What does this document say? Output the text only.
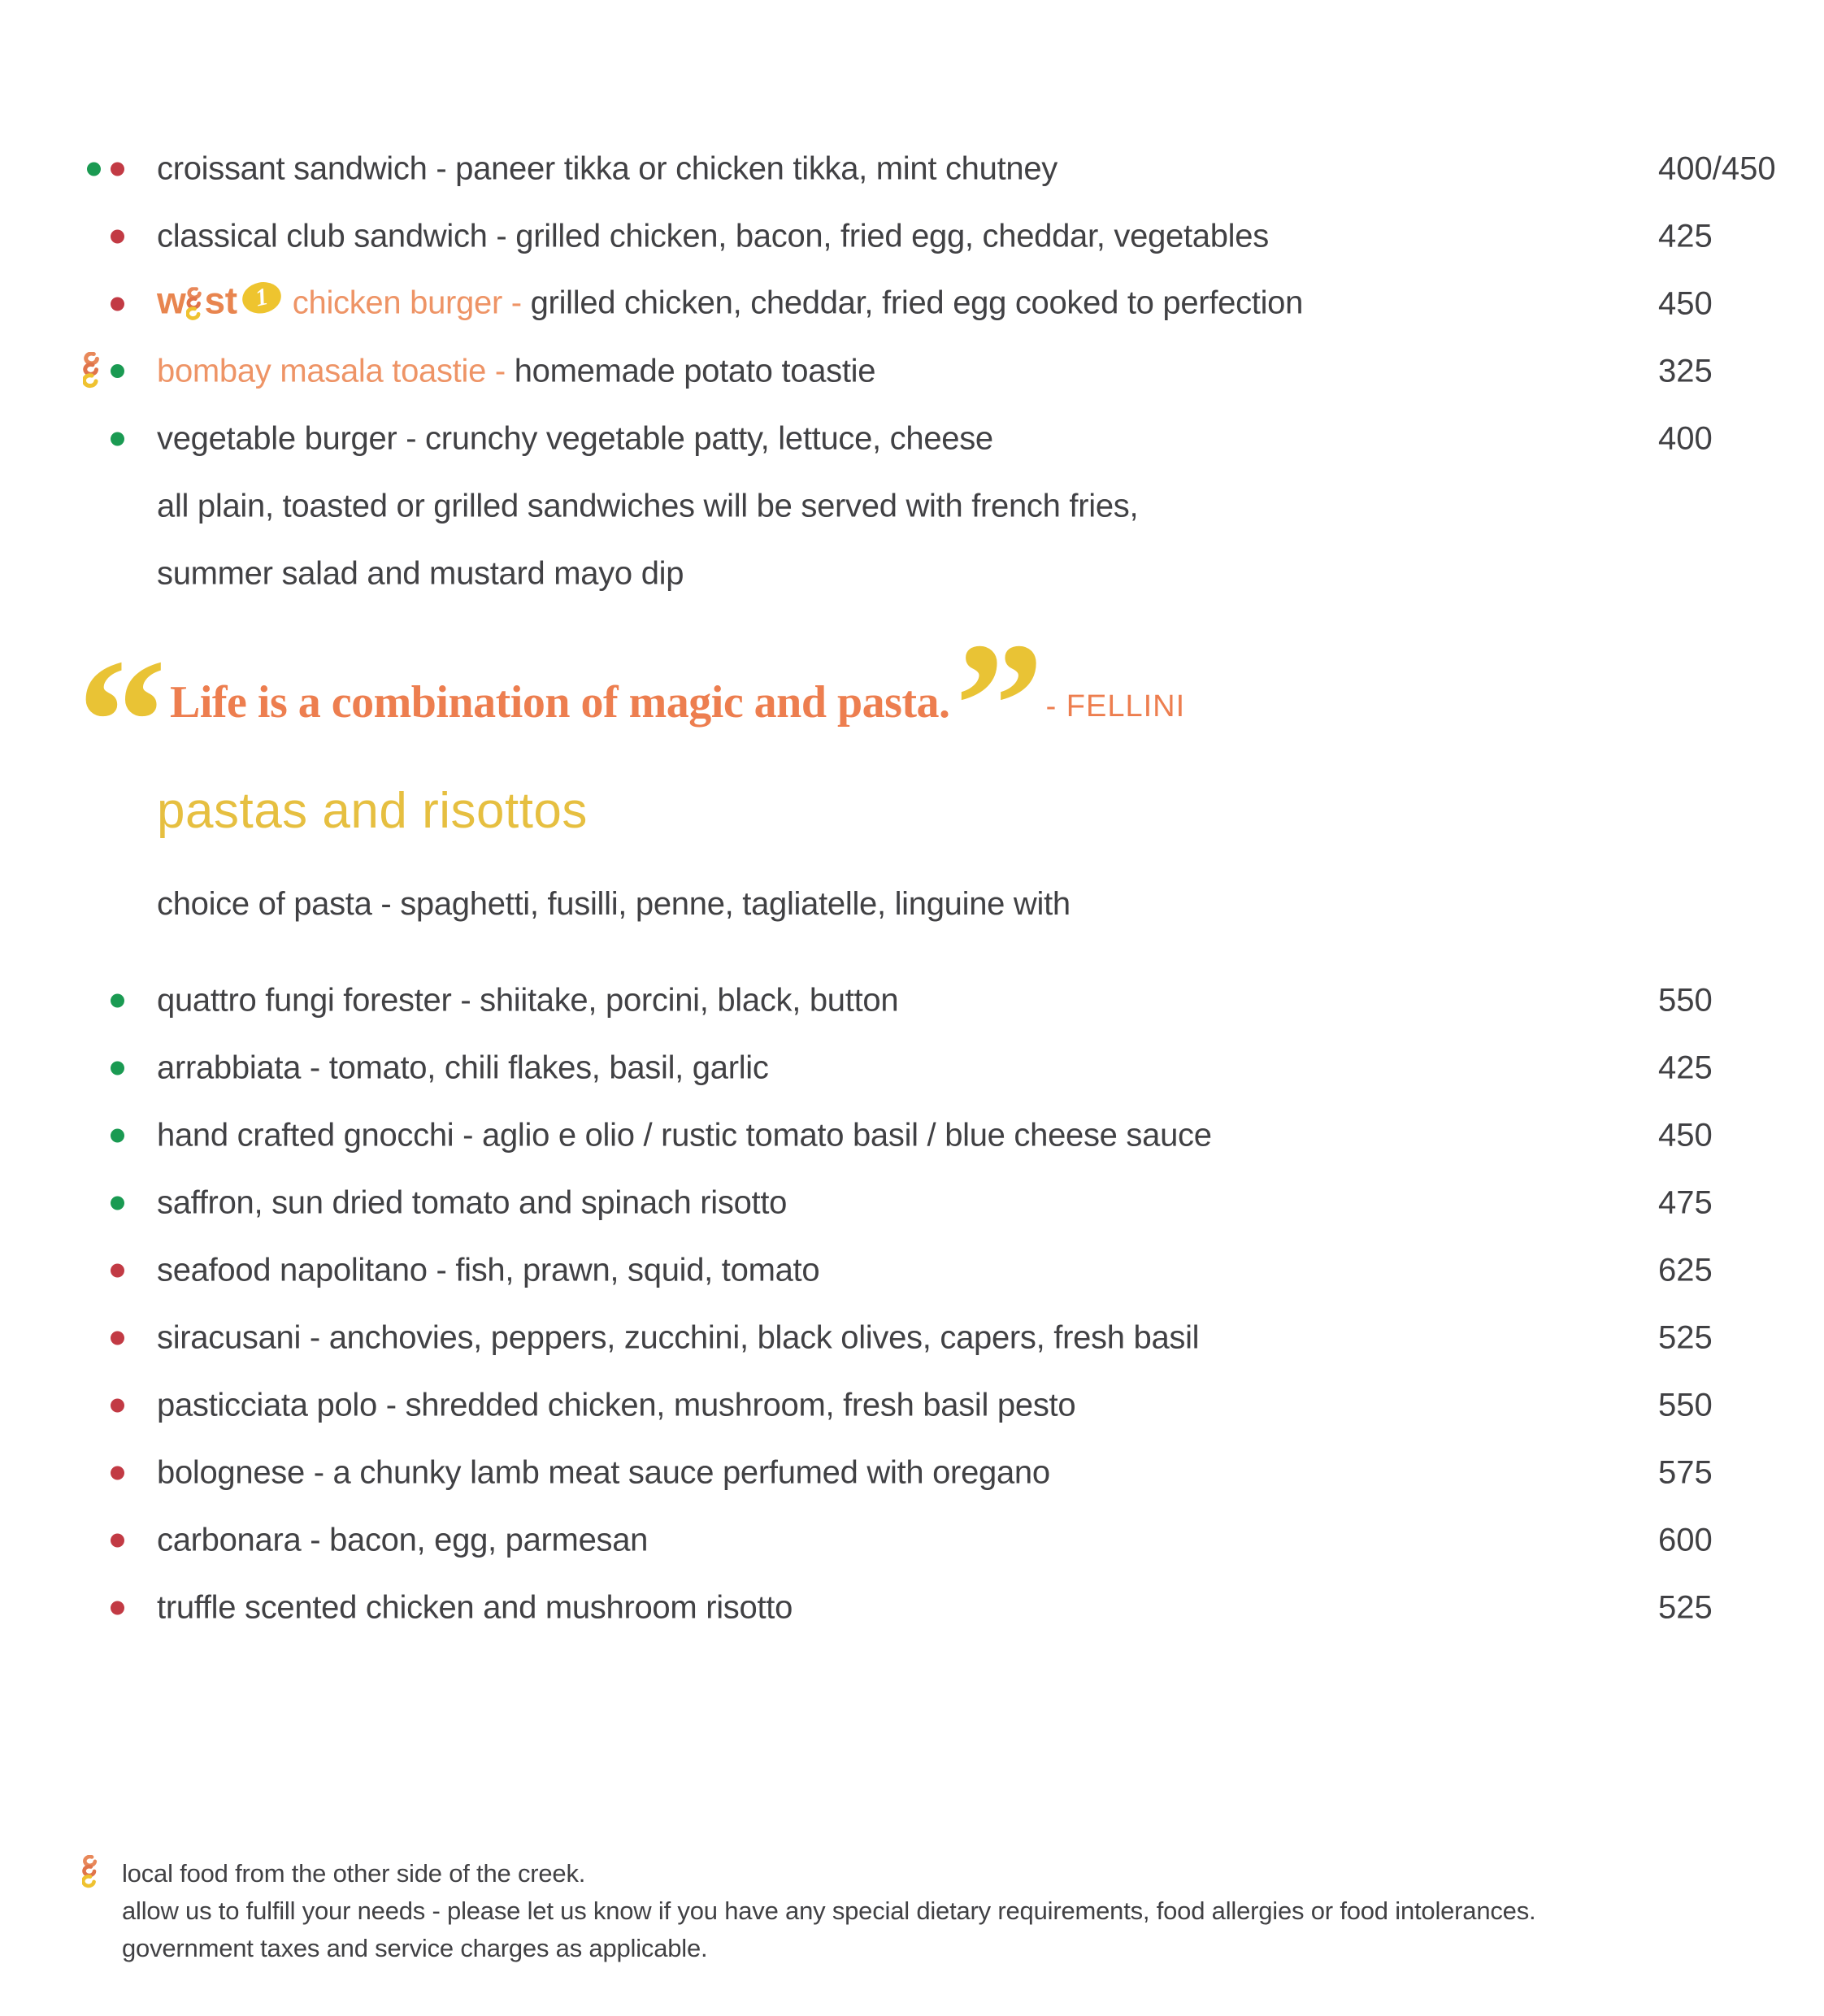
croissant sandwich - paneer tikka or chicken tikka, mint chutney	400/450
classical club sandwich - grilled chicken, bacon, fried egg, cheddar, vegetables	425
w st 1 chicken burger - grilled chicken, cheddar, fried egg cooked to perfection	450
bombay masala toastie - homemade potato toastie	325
vegetable burger - crunchy vegetable patty, lettuce, cheese	400
all plain, toasted or grilled sandwiches will be served with french fries,
summer salad and mustard mayo dip
“ Life is a combination of magic and pasta. ” - FELLINI
pastas and risottos
choice of pasta - spaghetti, fusilli, penne, tagliatelle, linguine with
quattro fungi forester - shiitake, porcini, black, button	550
arrabbiata - tomato, chili flakes, basil, garlic	425
hand crafted gnocchi - aglio e olio / rustic tomato basil / blue cheese sauce	450
saffron, sun dried tomato and spinach risotto	475
seafood napolitano - fish, prawn, squid, tomato	625
siracusani - anchovies, peppers, zucchini, black olives, capers, fresh basil	525
pasticciata polo - shredded chicken, mushroom, fresh basil pesto	550
bolognese - a chunky lamb meat sauce perfumed with oregano	575
carbonara - bacon, egg, parmesan	600
truffle scented chicken and mushroom risotto	525
local food from the other side of the creek.
allow us to fulfill your needs - please let us know if you have any special dietary requirements, food allergies or food intolerances.
government taxes and service charges as applicable.
